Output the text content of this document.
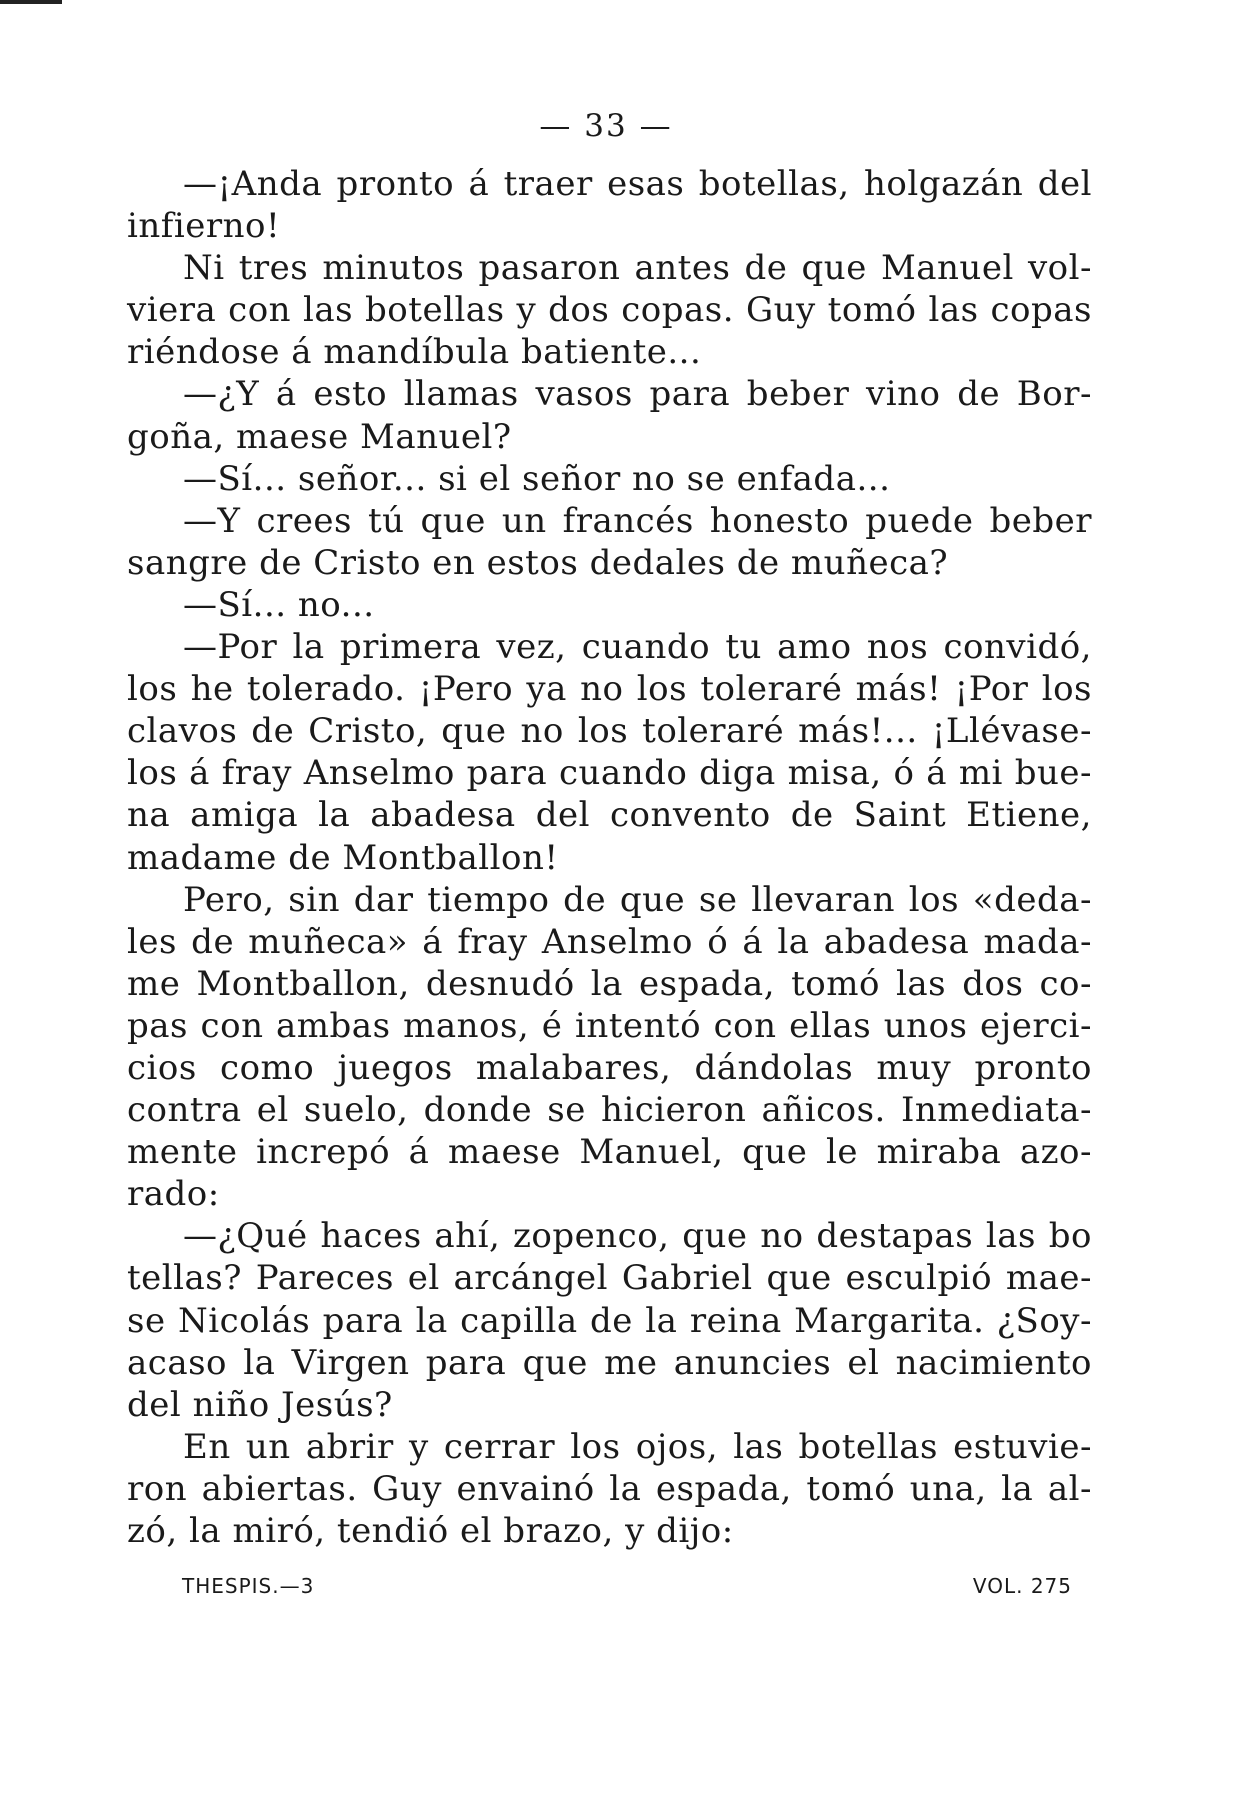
— 33 —
—¡Anda pronto á traer esas botellas, holgazán del
infierno!
Ni tres minutos pasaron antes de que Manuel vol-
viera con las botellas y dos copas. Guy tomó las copas
riéndose á mandíbula batiente...
—¿Y á esto llamas vasos para beber vino de Bor-
goña, maese Manuel?
—Sí... señor... si el señor no se enfada...
—Y crees tú que un francés honesto puede beber
sangre de Cristo en estos dedales de muñeca?
—Sí... no...
—Por la primera vez, cuando tu amo nos convidó,
los he tolerado. ¡Pero ya no los toleraré más! ¡Por los
clavos de Cristo, que no los toleraré más!... ¡Llévase-
los á fray Anselmo para cuando diga misa, ó á mi bue-
na amiga la abadesa del convento de Saint Etiene,
madame de Montballon!
Pero, sin dar tiempo de que se llevaran los «deda-
les de muñeca» á fray Anselmo ó á la abadesa mada-
me Montballon, desnudó la espada, tomó las dos co-
pas con ambas manos, é intentó con ellas unos ejerci-
cios como juegos malabares, dándolas muy pronto
contra el suelo, donde se hicieron añicos. Inmediata-
mente increpó á maese Manuel, que le miraba azo-
rado:
—¿Qué haces ahí, zopenco, que no destapas las bo
tellas? Pareces el arcángel Gabriel que esculpió mae-
se Nicolás para la capilla de la reina Margarita. ¿Soy-
acaso la Virgen para que me anuncies el nacimiento
del niño Jesús?
En un abrir y cerrar los ojos, las botellas estuvie-
ron abiertas. Guy envainó la espada, tomó una, la al-
zó, la miró, tendió el brazo, y dijo:
THESPIS.—3	VOL. 275
